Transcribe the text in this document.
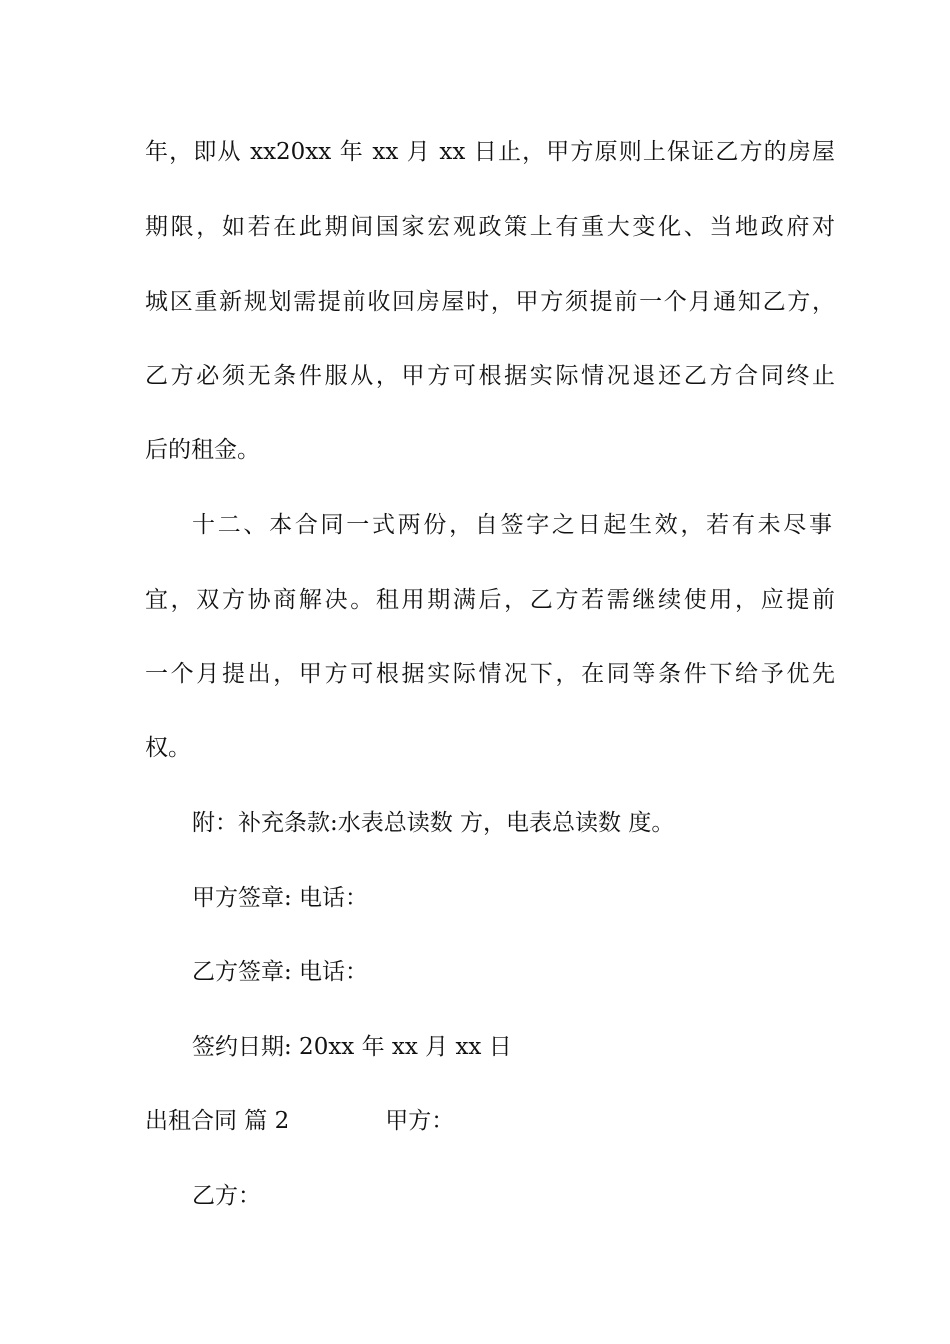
年，即从 xx20xx 年 xx 月 xx 日止，甲方原则上保证乙方的房屋
期限，如若在此期间国家宏观政策上有重大变化、当地政府对
城区重新规划需提前收回房屋时，甲方须提前一个月通知乙方，
乙方必须无条件服从，甲方可根据实际情况退还乙方合同终止
后的租金。
十二、本合同一式两份，自签字之日起生效，若有未尽事
宜，双方协商解决。租用期满后，乙方若需继续使用，应提前
一个月提出，甲方可根据实际情况下，在同等条件下给予优先
权。
附：补充条款:水表总读数 方，电表总读数 度。
甲方签章: 电话：
乙方签章: 电话：
签约日期: 20xx 年 xx 月 xx 日
出租合同 篇 2	甲方：
乙方：
